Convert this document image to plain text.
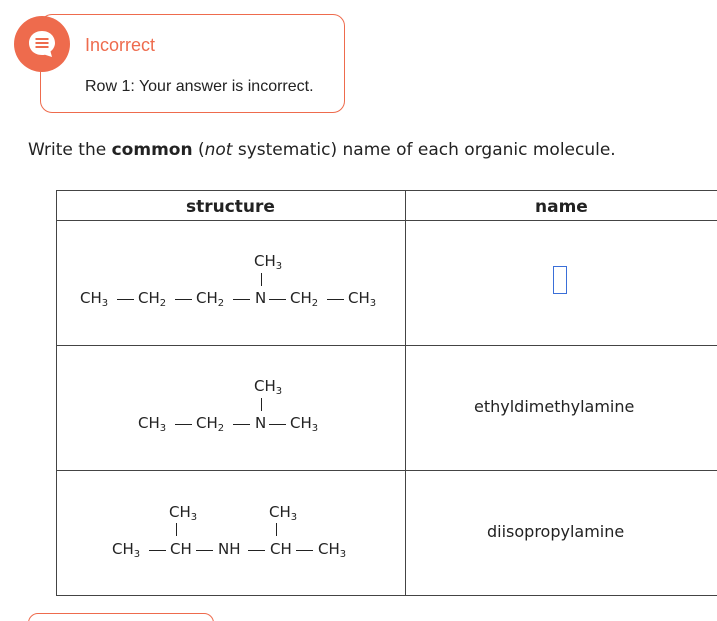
Incorrect
Row 1: Your answer is incorrect.
Write the common (not systematic) name of each organic molecule.
structure	name
$CH_3$
$CH_3$ $CH_2$ $CH_2$ N $CH_2$ $CH_3$
$CH_3$
$CH_3$ $CH_2$ N $CH_3$
ethyldimethylamine
$CH_3$	$CH_3$
$CH_3$ CH NH CH $CH_3$
diisopropylamine
